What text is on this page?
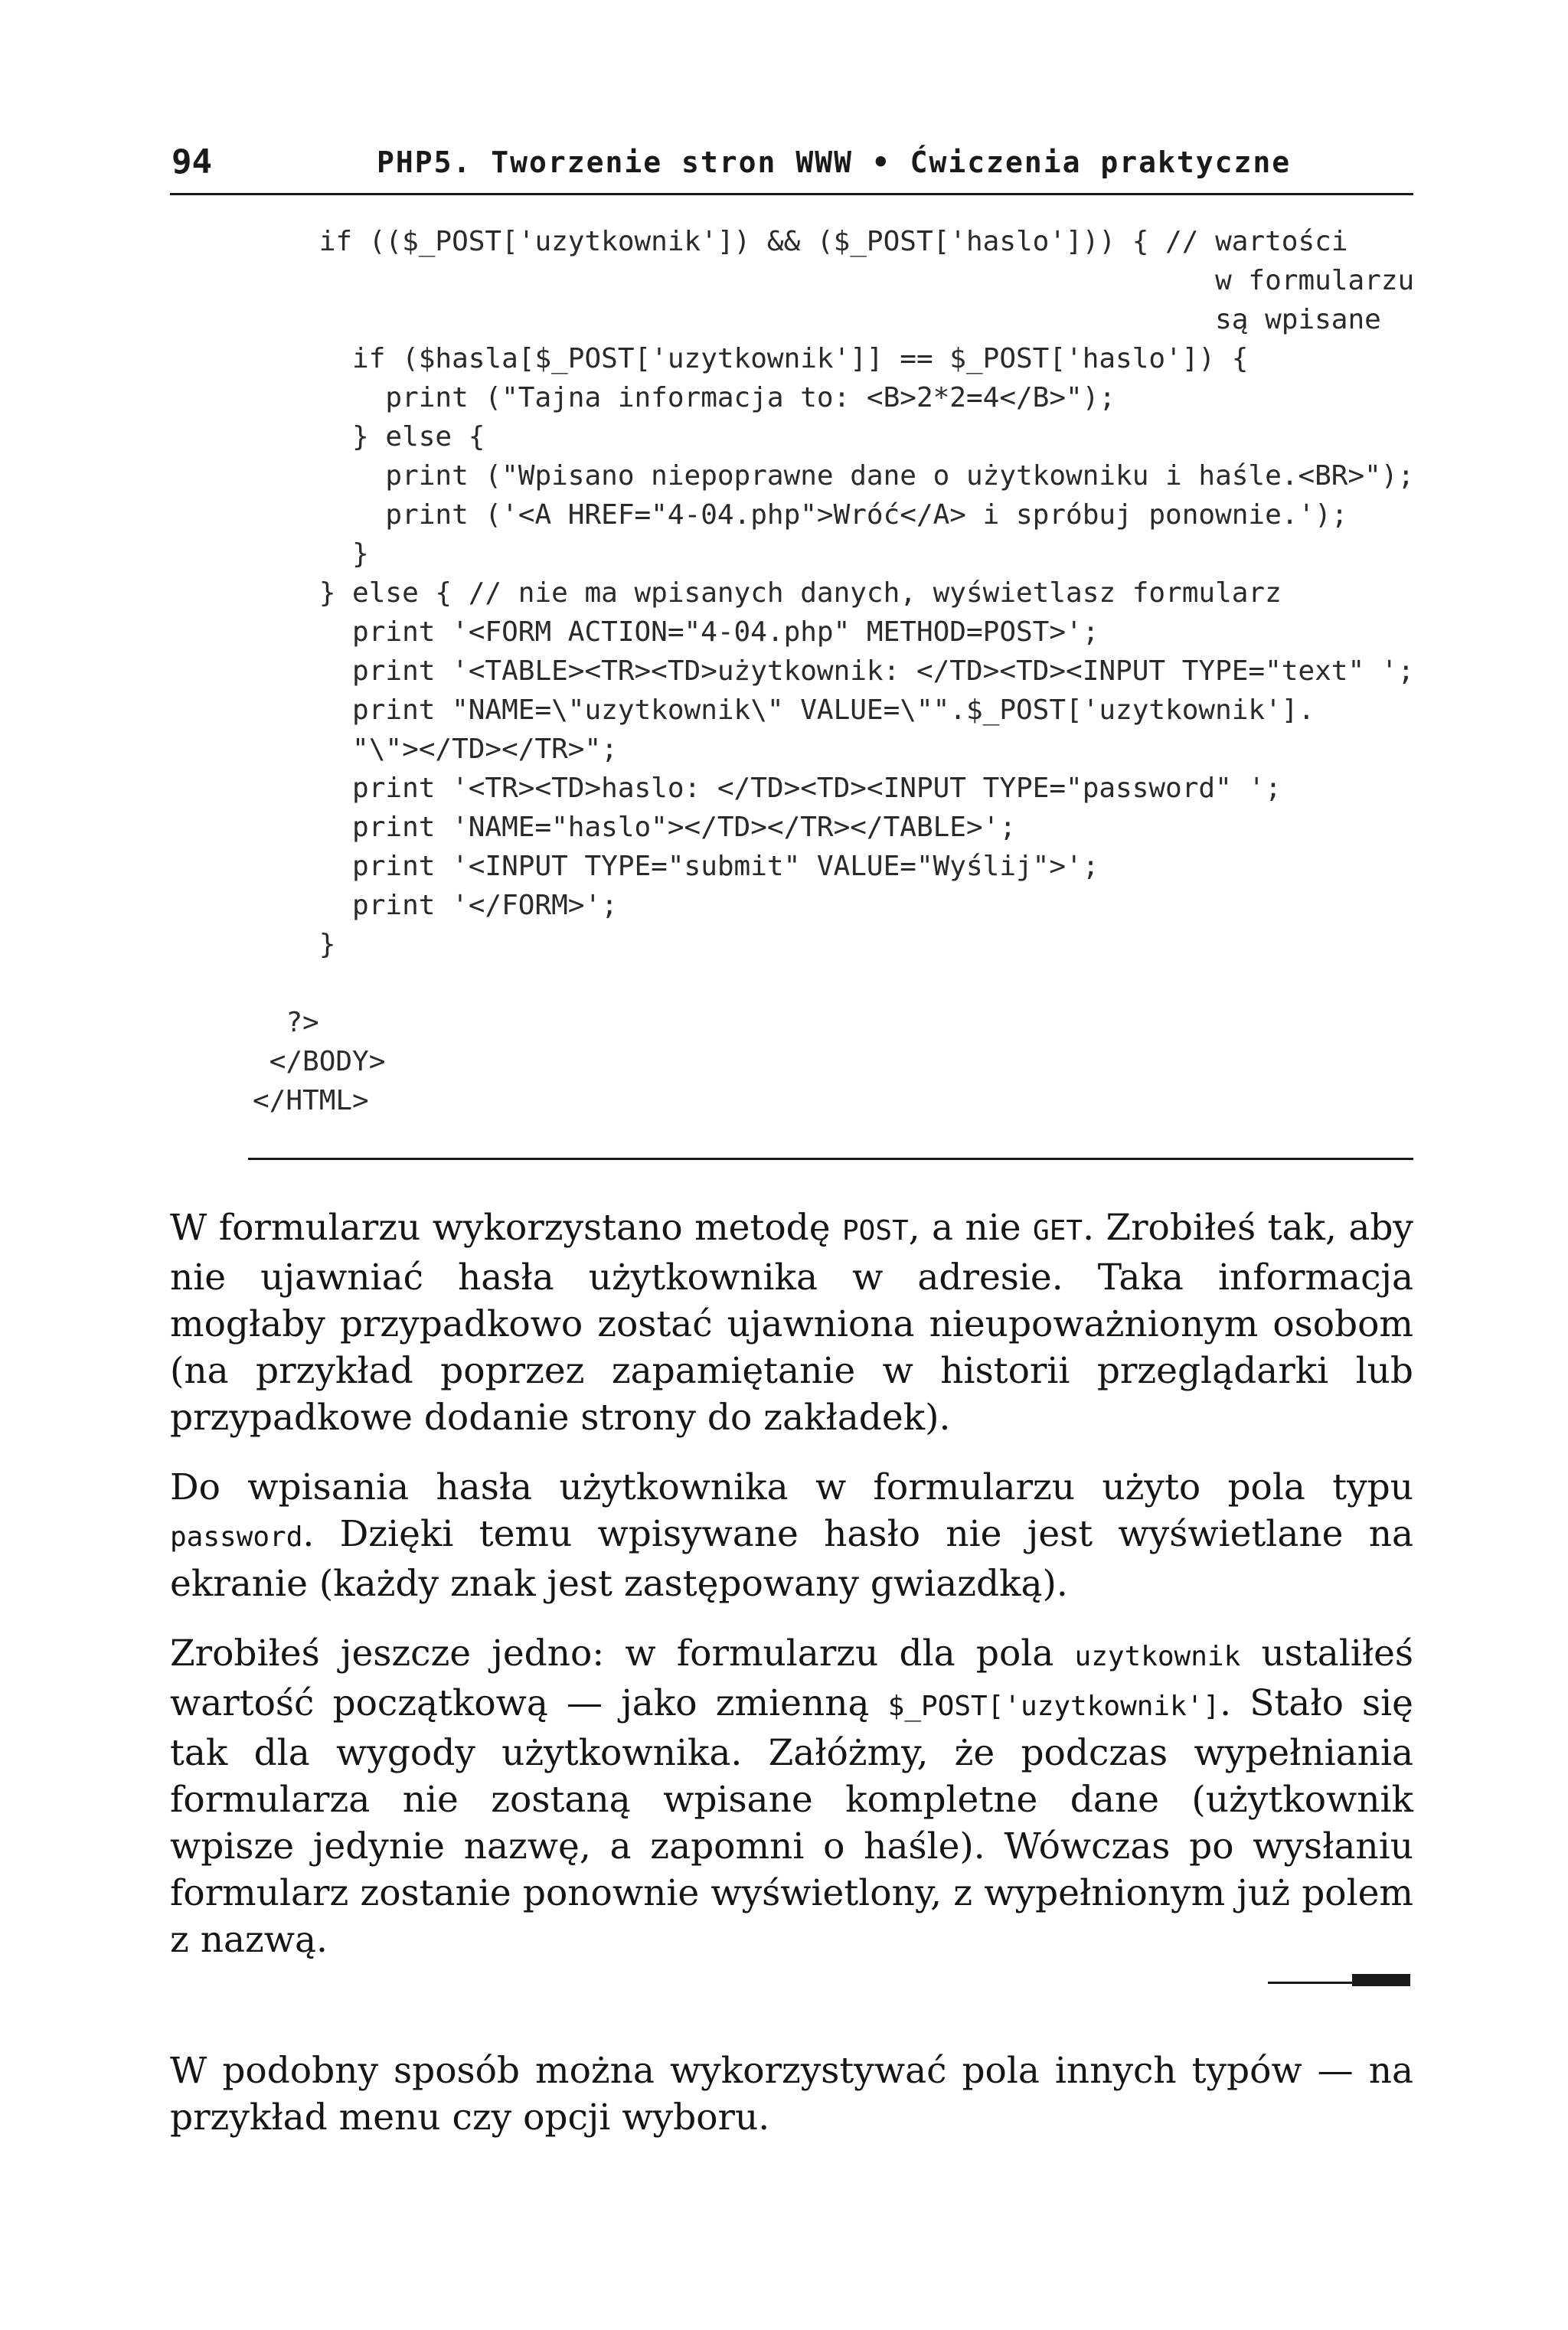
94	PHP5. Tworzenie stron WWW • Ćwiczenia praktyczne
if (($_POST['uzytkownik']) && ($_POST['haslo'])) { // wartości
w formularzu
są wpisane
if ($hasla[$_POST['uzytkownik']] == $_POST['haslo']) {
print ("Tajna informacja to: <B>2*2=4</B>");
} else {
print ("Wpisano niepoprawne dane o użytkowniku i haśle.<BR>");
print ('<A HREF="4-04.php">Wróć</A> i spróbuj ponownie.');
}
} else { // nie ma wpisanych danych, wyświetlasz formularz
print '<FORM ACTION="4-04.php" METHOD=POST>';
print '<TABLE><TR><TD>użytkownik: </TD><TD><INPUT TYPE="text" ';
print "NAME=\"uzytkownik\" VALUE=\"".$_POST['uzytkownik'].
"\"></TD></TR>";
print '<TR><TD>haslo: </TD><TD><INPUT TYPE="password" ';
print 'NAME="haslo"></TD></TR></TABLE>';
print '<INPUT TYPE="submit" VALUE="Wyślij">';
print '</FORM>';
}
?>
</BODY>
</HTML>

W formularzu wykorzystano metodę POST, a nie GET. Zrobiłeś tak, aby nie ujawniać hasła użytkownika w adresie. Taka informacja mogłaby przypadkowo zostać ujawniona nieupoważnionym osobom (na przykład poprzez zapamiętanie w historii przeglądarki lub przypadkowe dodanie strony do zakładek).

Do wpisania hasła użytkownika w formularzu użyto pola typu password. Dzięki temu wpisywane hasło nie jest wyświetlane na ekranie (każdy znak jest zastępowany gwiazdką).

Zrobiłeś jeszcze jedno: w formularzu dla pola uzytkownik ustaliłeś wartość początkową — jako zmienną $_POST['uzytkownik']. Stało się tak dla wygody użytkownika. Załóżmy, że podczas wypełniania formularza nie zostaną wpisane kompletne dane (użytkownik wpisze jedynie nazwę, a zapomni o haśle). Wówczas po wysłaniu formularz zostanie ponownie wyświetlony, z wypełnionym już polem z nazwą.

W podobny sposób można wykorzystywać pola innych typów — na przykład menu czy opcji wyboru.
